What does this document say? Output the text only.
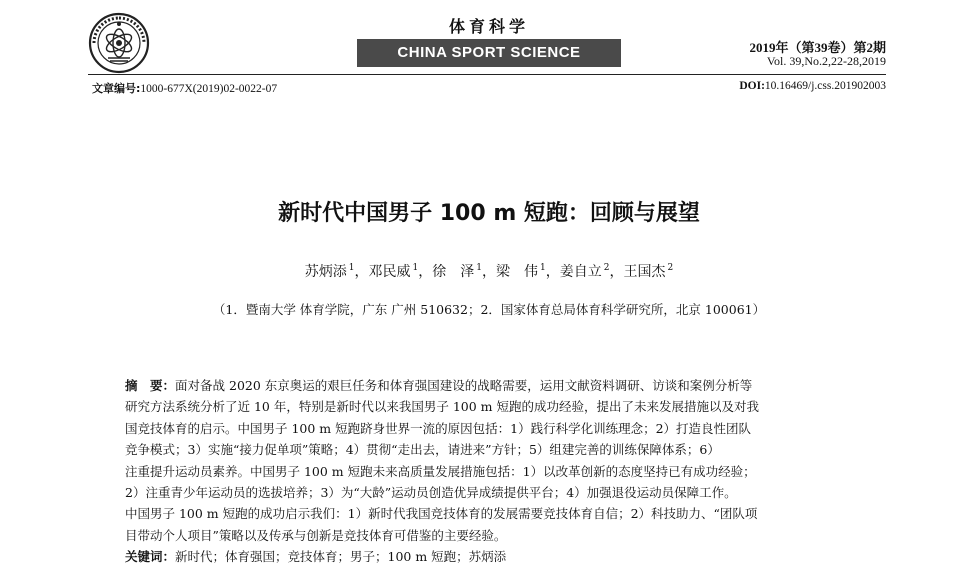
体育科学
CHINA SPORT SCIENCE	2019年（第39卷）第2期
Vol. 39,No.2,22-28,2019
文章编号:1000-677X(2019)02-0022-07	DOI:10.16469/j.css.201902003
新时代中国男子 100 m 短跑：回顾与展望
苏炳添 $^1$，邓民威 $^1$，徐　泽 $^1$，梁　伟 $^1$，姜自立 $^2$，王国杰 $^2$
（1．暨南大学 体育学院，广东 广州 510632；2．国家体育总局体育科学研究所，北京 100061）
摘　要：面对备战 2020 东京奥运的艰巨任务和体育强国建设的战略需要，运用文献资料调研、访谈和案例分析等
研究方法系统分析了近 10 年，特别是新时代以来我国男子 100 m 短跑的成功经验，提出了未来发展措施以及对我
国竞技体育的启示。中国男子 100 m 短跑跻身世界一流的原因包括：1）践行科学化训练理念；2）打造良性团队
竞争模式；3）实施“接力促单项”策略；4）贯彻“走出去，请进来”方针；5）组建完善的训练保障体系；6）
注重提升运动员素养。中国男子 100 m 短跑未来高质量发展措施包括：1）以改革创新的态度坚持已有成功经验；
2）注重青少年运动员的选拔培养；3）为“大龄”运动员创造优异成绩提供平台；4）加强退役运动员保障工作。
中国男子 100 m 短跑的成功启示我们：1）新时代我国竞技体育的发展需要竞技体育自信；2）科技助力、“团队项
目带动个人项目”策略以及传承与创新是竞技体育可借鉴的主要经验。
关键词：新时代；体育强国；竞技体育；男子；100 m 短跑；苏炳添
